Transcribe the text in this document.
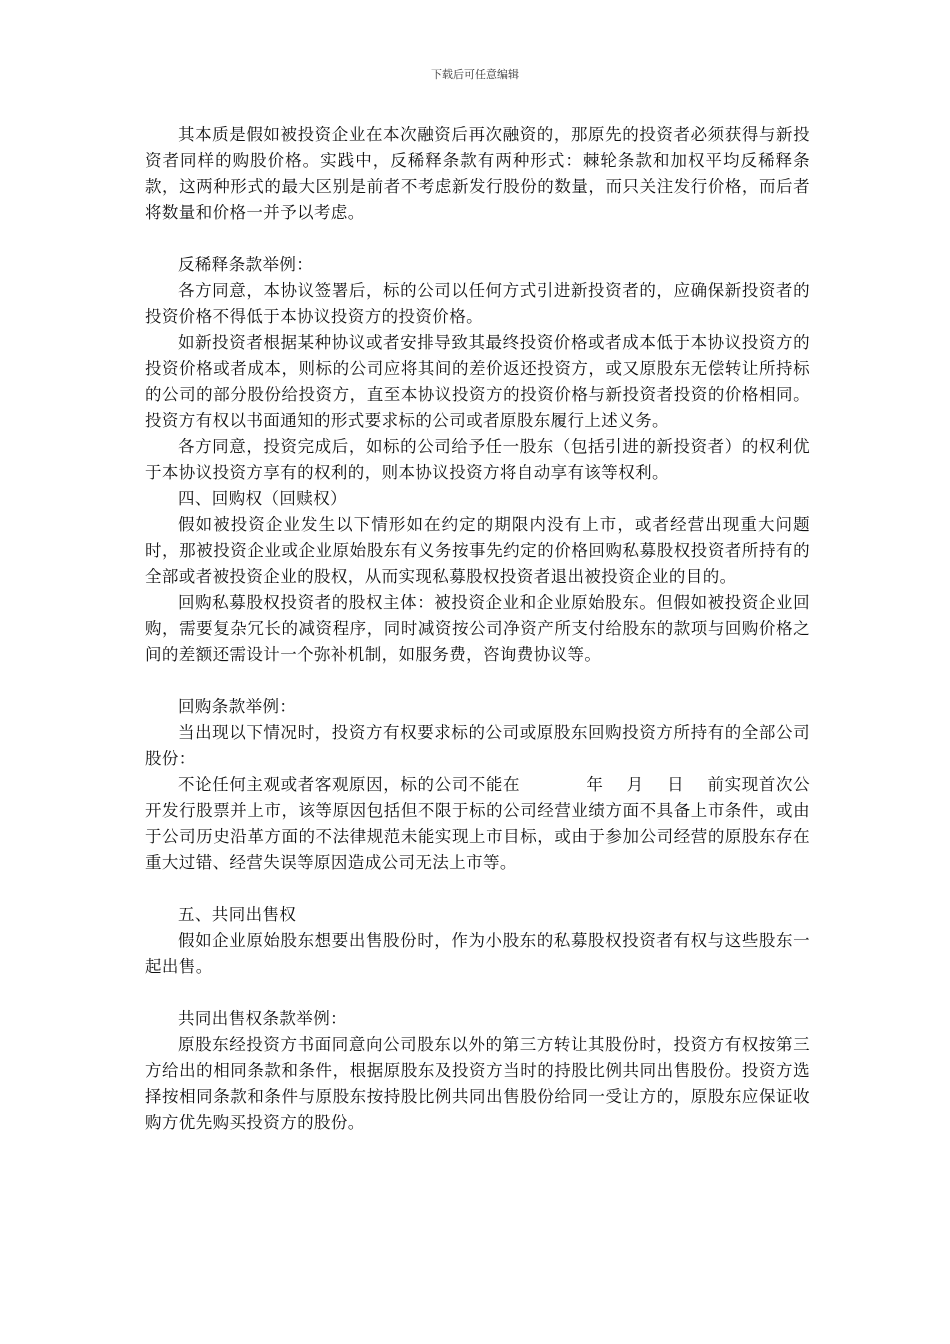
下载后可任意编辑

其本质是假如被投资企业在本次融资后再次融资的，那原先的投资者必须获得与新投资者同样的购股价格。实践中，反稀释条款有两种形式：棘轮条款和加权平均反稀释条款，这两种形式的最大区别是前者不考虑新发行股份的数量，而只关注发行价格，而后者将数量和价格一并予以考虑。

反稀释条款举例：

各方同意，本协议签署后，标的公司以任何方式引进新投资者的，应确保新投资者的投资价格不得低于本协议投资方的投资价格。

如新投资者根据某种协议或者安排导致其最终投资价格或者成本低于本协议投资方的投资价格或者成本，则标的公司应将其间的差价返还投资方，或又原股东无偿转让所持标的公司的部分股份给投资方，直至本协议投资方的投资价格与新投资者投资的价格相同。投资方有权以书面通知的形式要求标的公司或者原股东履行上述义务。

各方同意，投资完成后，如标的公司给予任一股东（包括引进的新投资者）的权利优于本协议投资方享有的权利的，则本协议投资方将自动享有该等权利。

四、回购权（回赎权）

假如被投资企业发生以下情形如在约定的期限内没有上市，或者经营出现重大问题时，那被投资企业或企业原始股东有义务按事先约定的价格回购私募股权投资者所持有的全部或者被投资企业的股权，从而实现私募股权投资者退出被投资企业的目的。

回购私募股权投资者的股权主体：被投资企业和企业原始股东。但假如被投资企业回购，需要复杂冗长的减资程序，同时减资按公司净资产所支付给股东的款项与回购价格之间的差额还需设计一个弥补机制，如服务费，咨询费协议等。

回购条款举例：

当出现以下情况时，投资方有权要求标的公司或原股东回购投资方所持有的全部公司股份：

不论任何主观或者客观原因，标的公司不能在	年 月 日 前实现首次公开发行股票并上市，该等原因包括但不限于标的公司经营业绩方面不具备上市条件，或由于公司历史沿革方面的不法律规范未能实现上市目标，或由于参加公司经营的原股东存在重大过错、经营失误等原因造成公司无法上市等。

五、共同出售权

假如企业原始股东想要出售股份时，作为小股东的私募股权投资者有权与这些股东一起出售。

共同出售权条款举例：

原股东经投资方书面同意向公司股东以外的第三方转让其股份时，投资方有权按第三方给出的相同条款和条件，根据原股东及投资方当时的持股比例共同出售股份。投资方选择按相同条款和条件与原股东按持股比例共同出售股份给同一受让方的，原股东应保证收购方优先购买投资方的股份。
